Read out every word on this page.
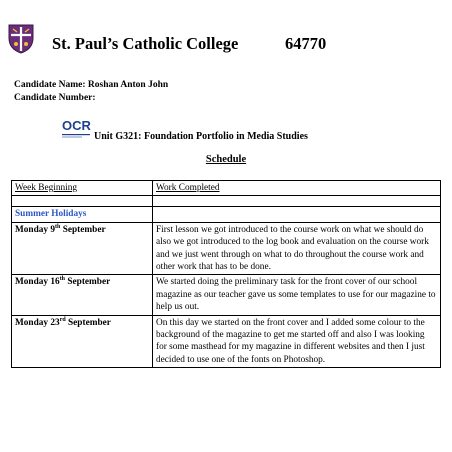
St. Paul’s Catholic College	64770
Candidate Name: Roshan Anton John
Candidate Number:
OCR
Unit G321: Foundation Portfolio in Media Studies
Schedule
Week Beginning	Work Completed

Summer Holidays	
Monday 9th September	First lesson we got introduced to the course work on what we should do also we got introduced to the log book and evaluation on the course work and we just went through on what to do throughout the course work and other work that has to be done.
Monday 16th September	We started doing the preliminary task for the front cover of our school magazine as our teacher gave us some templates to use for our magazine to help us out.
Monday 23rd September	On this day we started on the front cover and I added some colour to the background of the magazine to get me started off and also I was looking for some masthead for my magazine in different websites and then I just decided to use one of the fonts on Photoshop.
